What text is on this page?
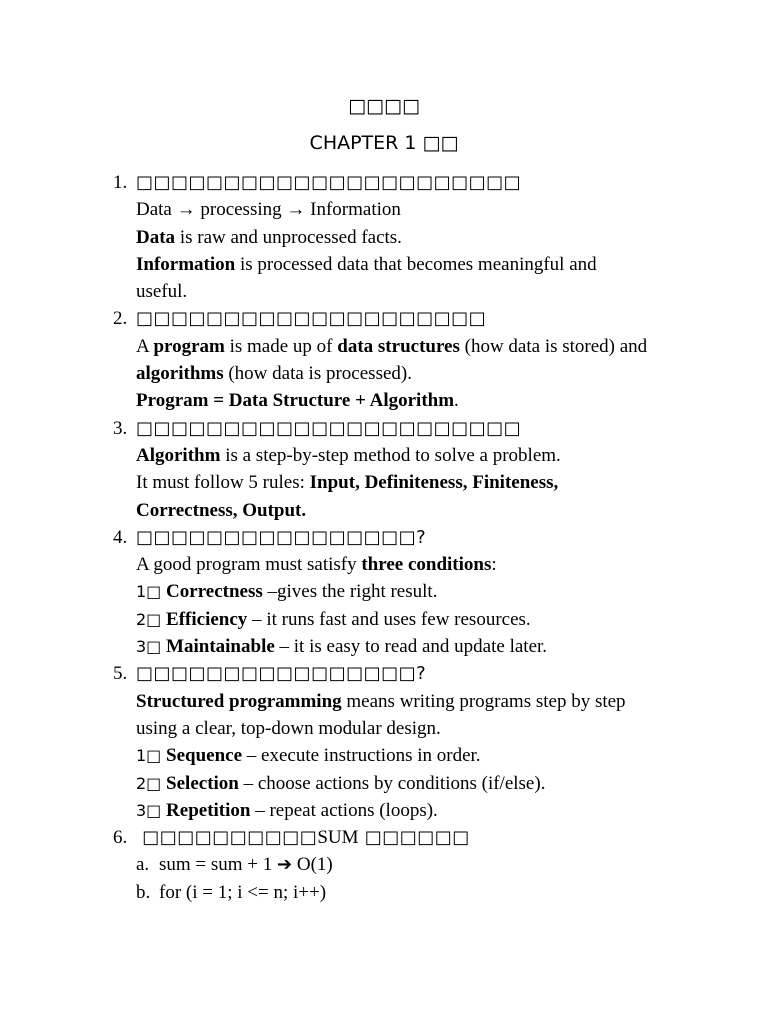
□□□□
CHAPTER 1 □□
1. □□□□□□□□□□□□□□□□□□□□□□
Data → processing → Information
Data is raw and unprocessed facts.
Information is processed data that becomes meaningful and
useful.
2. □□□□□□□□□□□□□□□□□□□□
A program is made up of data structures (how data is stored) and
algorithms (how data is processed).
Program = Data Structure + Algorithm.
3. □□□□□□□□□□□□□□□□□□□□□□
Algorithm is a step-by-step method to solve a problem.
It must follow 5 rules: Input, Definiteness, Finiteness,
Correctness, Output.
4. □□□□□□□□□□□□□□□□?
A good program must satisfy three conditions:
1□ Correctness –gives the right result.
2□ Efficiency – it runs fast and uses few resources.
3□ Maintainable – it is easy to read and update later.
5. □□□□□□□□□□□□□□□□?
Structured programming means writing programs step by step
using a clear, top-down modular design.
1□ Sequence – execute instructions in order.
2□ Selection – choose actions by conditions (if/else).
3□ Repetition – repeat actions (loops).
6. □□□□□□□□□□SUM □□□□□□
a. sum = sum + 1 ➔ O(1)
b. for (i = 1; i <= n; i++)
